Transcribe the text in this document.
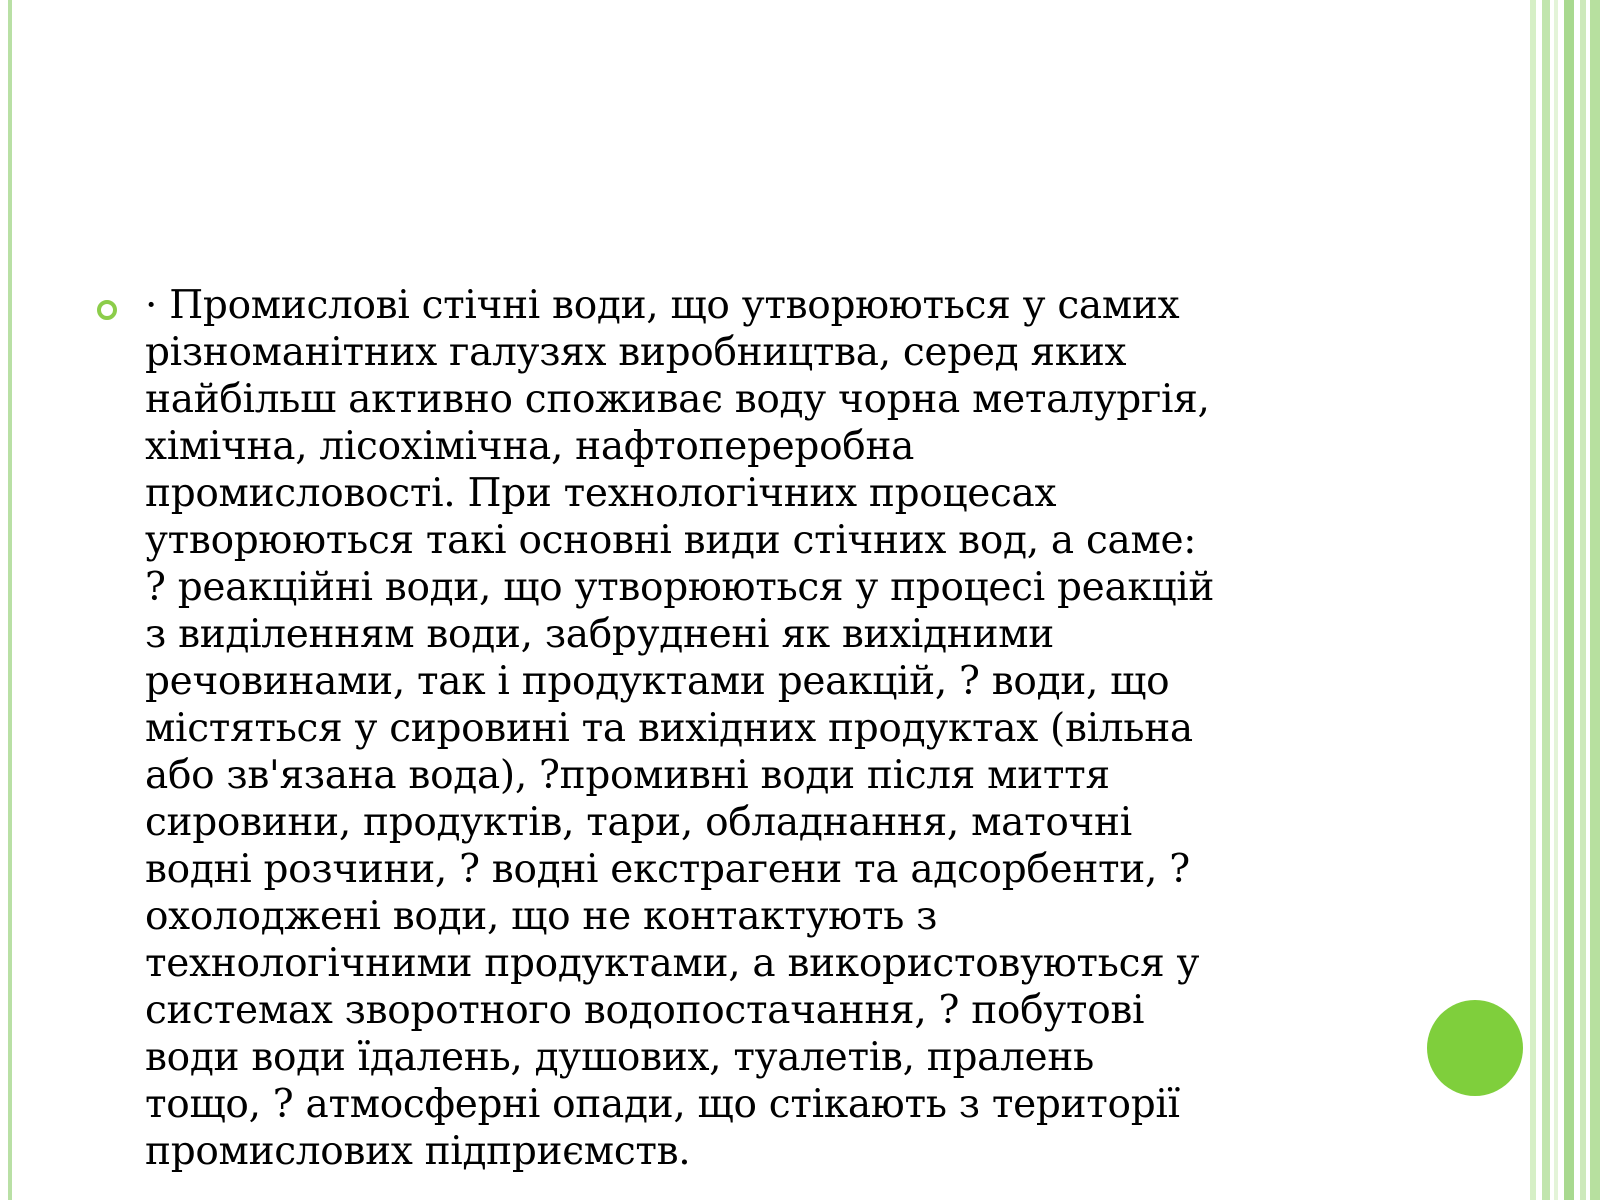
· Промислові стічні води, що утворюються у самих
різноманітних галузях виробництва, серед яких
найбільш активно споживає воду чорна металургія,
хімічна, лісохімічна, нафтопереробна
промисловості. При технологічних процесах
утворюються такі основні види стічних вод, а саме:
? реакційні води, що утворюються у процесі реакцій
з виділенням води, забруднені як вихідними
речовинами, так і продуктами реакцій, ? води, що
містяться у сировині та вихідних продуктах (вільна
або зв'язана вода), ?промивні води після миття
сировини, продуктів, тари, обладнання, маточні
водні розчини, ? водні екстрагени та адсорбенти, ?
охолоджені води, що не контактують з
технологічними продуктами, а використовуються у
системах зворотного водопостачання, ? побутові
води води їдалень, душових, туалетів, пралень
тощо, ? атмосферні опади, що стікають з території
промислових підприємств.
